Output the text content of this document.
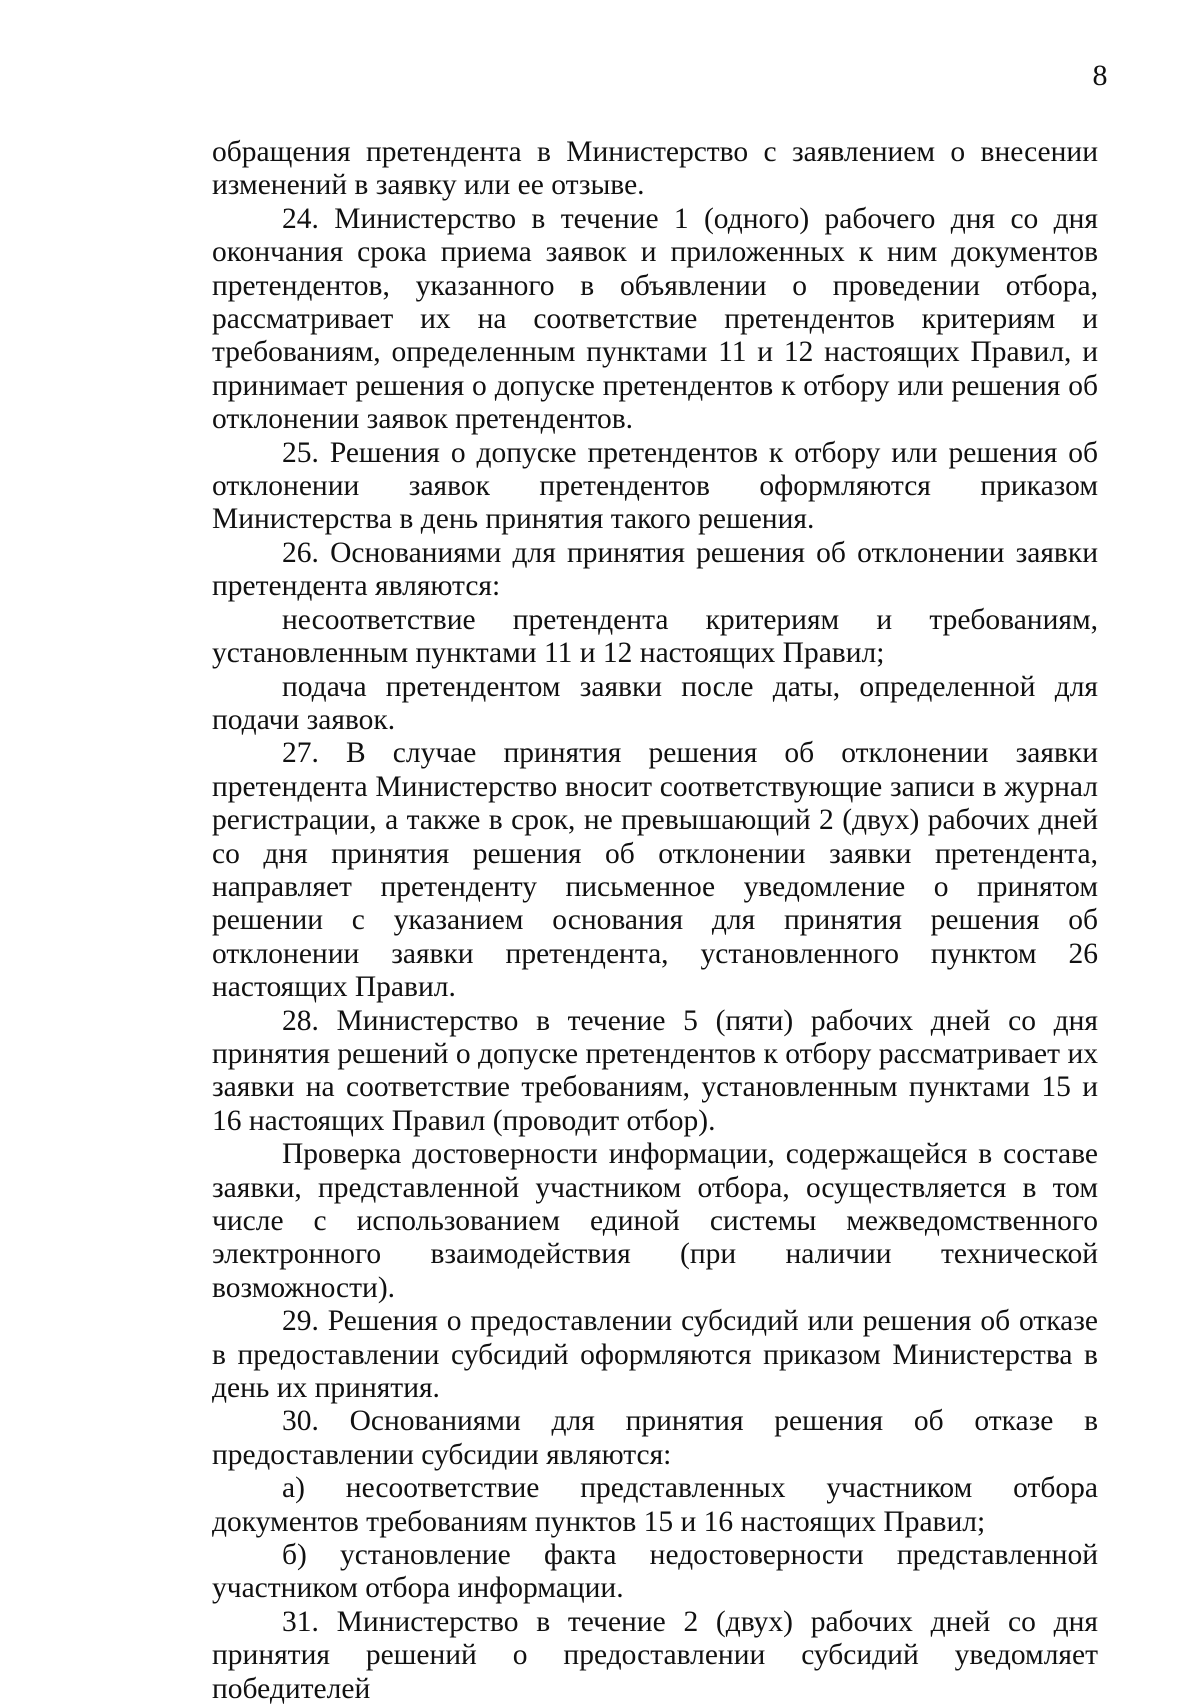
8

обращения претендента в Министерство с заявлением о внесении изменений в заявку или ее отзыве.

24. Министерство в течение 1 (одного) рабочего дня со дня окончания срока приема заявок и приложенных к ним документов претендентов, указанного в объявлении о проведении отбора, рассматривает их на соответствие претендентов критериям и требованиям, определенным пунктами 11 и 12 настоящих Правил, и принимает решения о допуске претендентов к отбору или решения об отклонении заявок претендентов.

25. Решения о допуске претендентов к отбору или решения об отклонении заявок претендентов оформляются приказом Министерства в день принятия такого решения.

26. Основаниями для принятия решения об отклонении заявки претендента являются:

несоответствие претендента критериям и требованиям, установленным пунктами 11 и 12 настоящих Правил;

подача претендентом заявки после даты, определенной для подачи заявок.

27. В случае принятия решения об отклонении заявки претендента Министерство вносит соответствующие записи в журнал регистрации, а также в срок, не превышающий 2 (двух) рабочих дней со дня принятия решения об отклонении заявки претендента, направляет претенденту письменное уведомление о принятом решении с указанием основания для принятия решения об отклонении заявки претендента, установленного пунктом 26 настоящих Правил.

28. Министерство в течение 5 (пяти) рабочих дней со дня принятия решений о допуске претендентов к отбору рассматривает их заявки на соответствие требованиям, установленным пунктами 15 и 16 настоящих Правил (проводит отбор).

Проверка достоверности информации, содержащейся в составе заявки, представленной участником отбора, осуществляется в том числе с использованием единой системы межведомственного электронного взаимодействия (при наличии технической возможности).

29. Решения о предоставлении субсидий или решения об отказе в предоставлении субсидий оформляются приказом Министерства в день их принятия.

30. Основаниями для принятия решения об отказе в предоставлении субсидии являются:

а) несоответствие представленных участником отбора документов требованиям пунктов 15 и 16 настоящих Правил;

б) установление факта недостоверности представленной участником отбора информации.

31. Министерство в течение 2 (двух) рабочих дней со дня принятия решений о предоставлении субсидий уведомляет победителей
